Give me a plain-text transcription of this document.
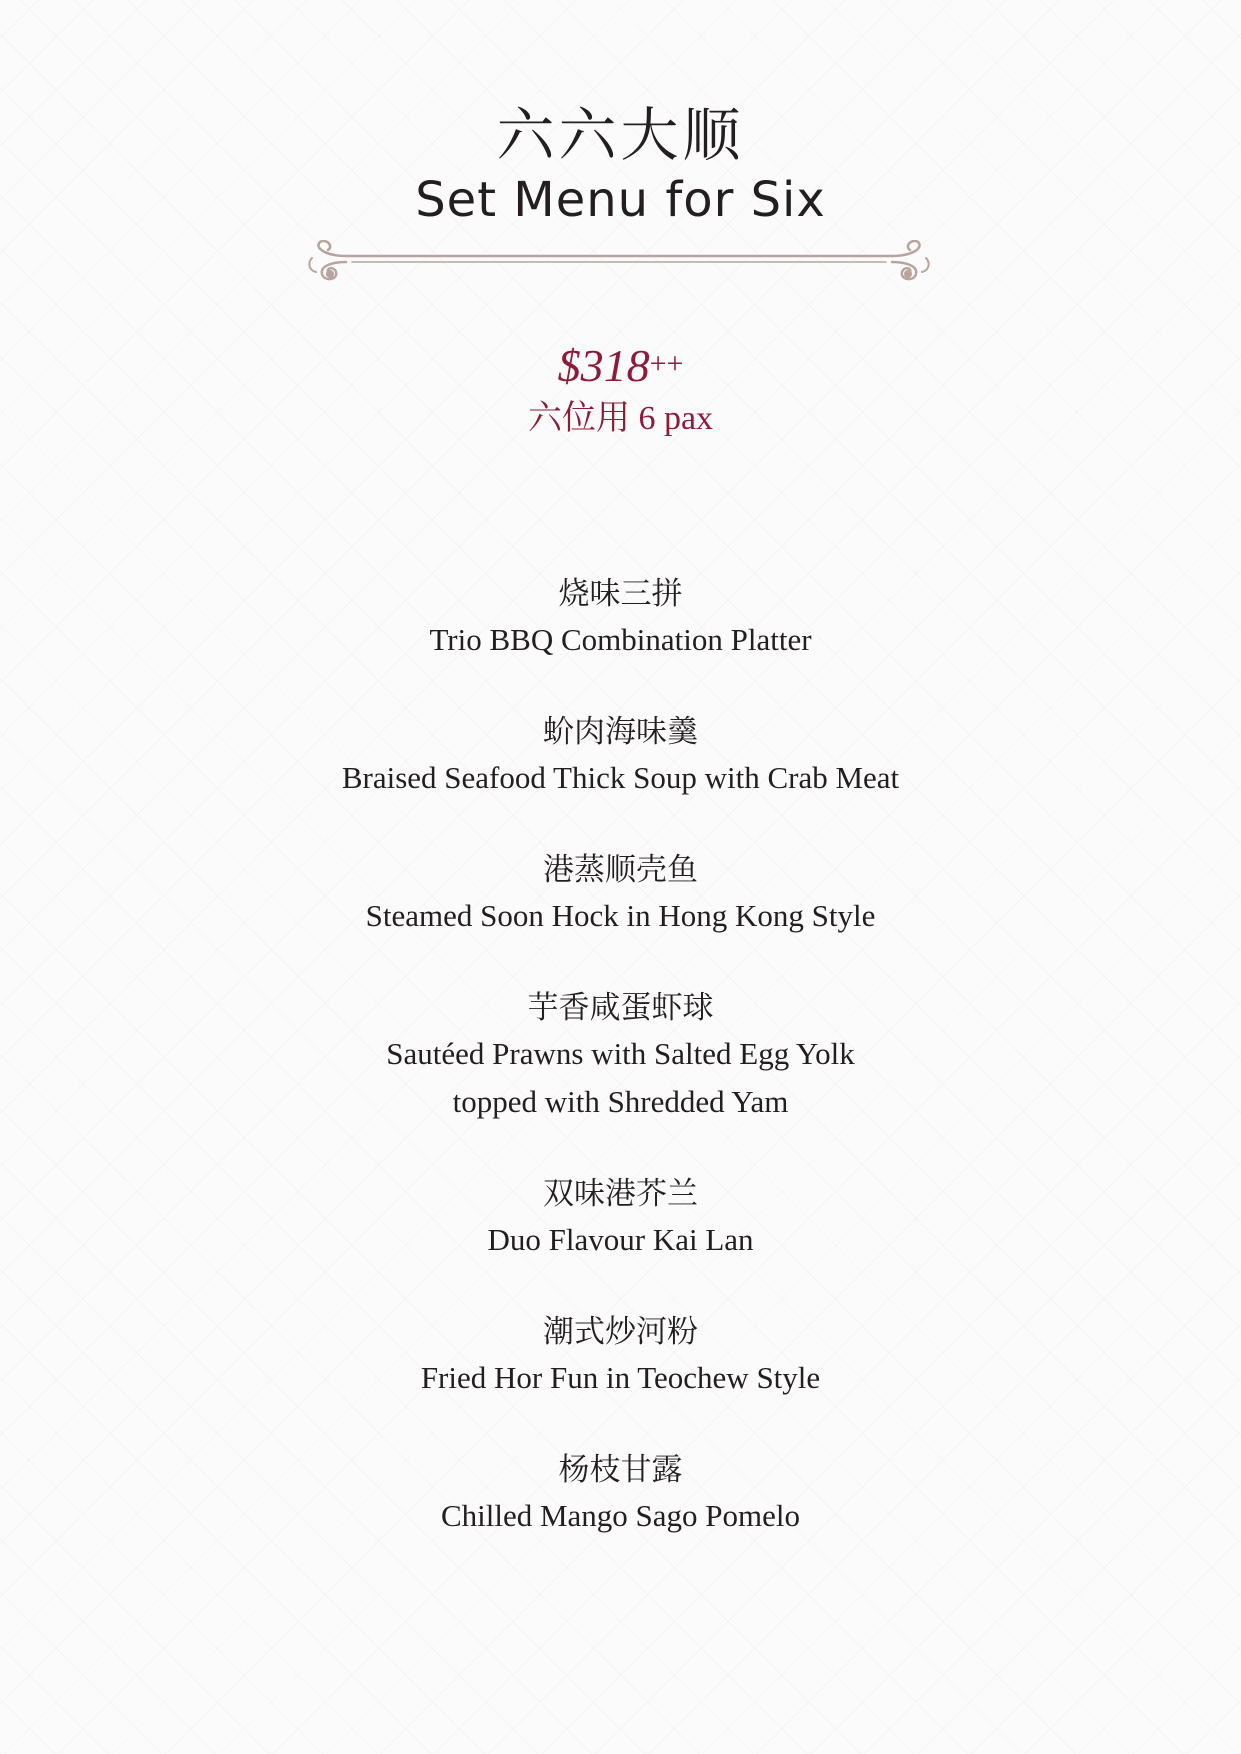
六六大顺
Set Menu for Six
$318++
六位用 6 pax
烧味三拼
Trio BBQ Combination Platter
蚧肉海味羹
Braised Seafood Thick Soup with Crab Meat
港蒸顺壳鱼
Steamed Soon Hock in Hong Kong Style
芋香咸蛋虾球
Sautéed Prawns with Salted Egg Yolk
topped with Shredded Yam
双味港芥兰
Duo Flavour Kai Lan
潮式炒河粉
Fried Hor Fun in Teochew Style
杨枝甘露
Chilled Mango Sago Pomelo
